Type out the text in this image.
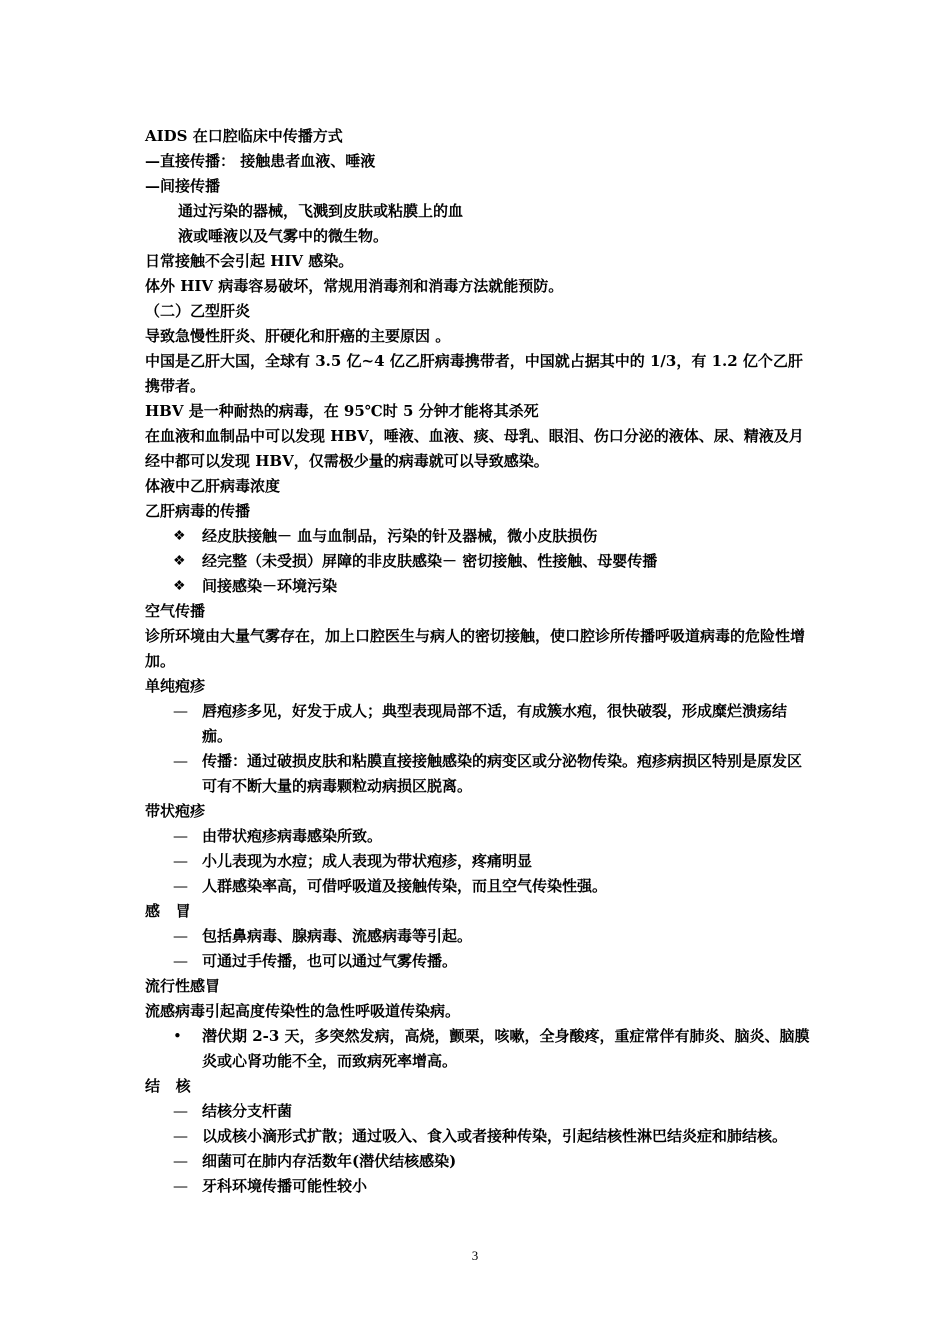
AIDS 在口腔临床中传播方式
—直接传播： 接触患者血液、唾液
—间接传播
通过污染的器械，飞溅到皮肤或粘膜上的血
液或唾液以及气雾中的微生物。
日常接触不会引起 HIV 感染。
体外 HIV 病毒容易破坏，常规用消毒剂和消毒方法就能预防。
（二）乙型肝炎
导致急慢性肝炎、肝硬化和肝癌的主要原因 。
中国是乙肝大国，全球有 3.5 亿~4 亿乙肝病毒携带者，中国就占据其中的 1/3，有 1.2 亿个乙肝携带者。
HBV 是一种耐热的病毒，在 95℃时 5 分钟才能将其杀死
在血液和血制品中可以发现 HBV，唾液、血液、痰、母乳、眼泪、伤口分泌的液体、尿、精液及月经中都可以发现 HBV，仅需极少量的病毒就可以导致感染。
体液中乙肝病毒浓度
乙肝病毒的传播
❖ 经皮肤接触－ 血与血制品，污染的针及器械，微小皮肤损伤
❖ 经完整（未受损）屏障的非皮肤感染－ 密切接触、性接触、母婴传播
❖ 间接感染－环境污染
空气传播
诊所环境由大量气雾存在，加上口腔医生与病人的密切接触，使口腔诊所传播呼吸道病毒的危险性增加。
单纯疱疹
— 唇疱疹多见，好发于成人；典型表现局部不适，有成簇水疱，很快破裂，形成糜烂溃疡结痂。
— 传播：通过破损皮肤和粘膜直接接触感染的病变区或分泌物传染。疱疹病损区特别是原发区可有不断大量的病毒颗粒动病损区脱离。
带状疱疹
— 由带状疱疹病毒感染所致。
— 小儿表现为水痘；成人表现为带状疱疹，疼痛明显
— 人群感染率高，可借呼吸道及接触传染，而且空气传染性强。
感   冒
— 包括鼻病毒、腺病毒、流感病毒等引起。
— 可通过手传播，也可以通过气雾传播。
流行性感冒
流感病毒引起高度传染性的急性呼吸道传染病。
• 潜伏期 2-3 天，多突然发病，高烧，颤栗，咳嗽，全身酸疼，重症常伴有肺炎、脑炎、脑膜炎或心肾功能不全，而致病死率增高。
结   核
— 结核分支杆菌
— 以成核小滴形式扩散；通过吸入、食入或者接种传染，引起结核性淋巴结炎症和肺结核。
— 细菌可在肺内存活数年(潜伏结核感染)
— 牙科环境传播可能性较小
3
